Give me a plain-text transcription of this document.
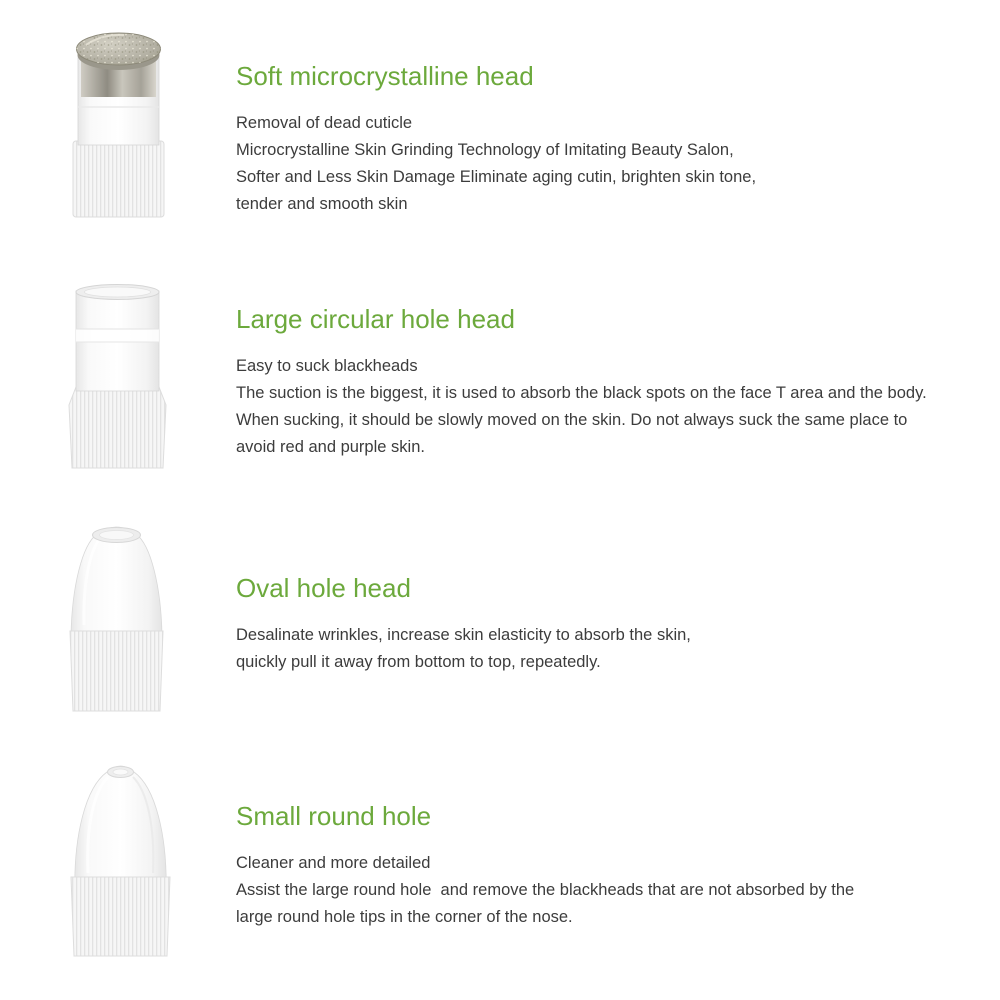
Soft microcrystalline head

Removal of dead cuticle

Microcrystalline Skin Grinding Technology of Imitating Beauty Salon,

Softer and Less Skin Damage Eliminate aging cutin, brighten skin tone,

tender and smooth skin

Large circular hole head

Easy to suck blackheads

The suction is the biggest, it is used to absorb the black spots on the face T area and the body.

When sucking, it should be slowly moved on the skin. Do not always suck the same place to

avoid red and purple skin.

Oval hole head

Desalinate wrinkles, increase skin elasticity to absorb the skin,

quickly pull it away from bottom to top, repeatedly.

Small round hole

Cleaner and more detailed

Assist the large round hole  and remove the blackheads that are not absorbed by the

large round hole tips in the corner of the nose.
